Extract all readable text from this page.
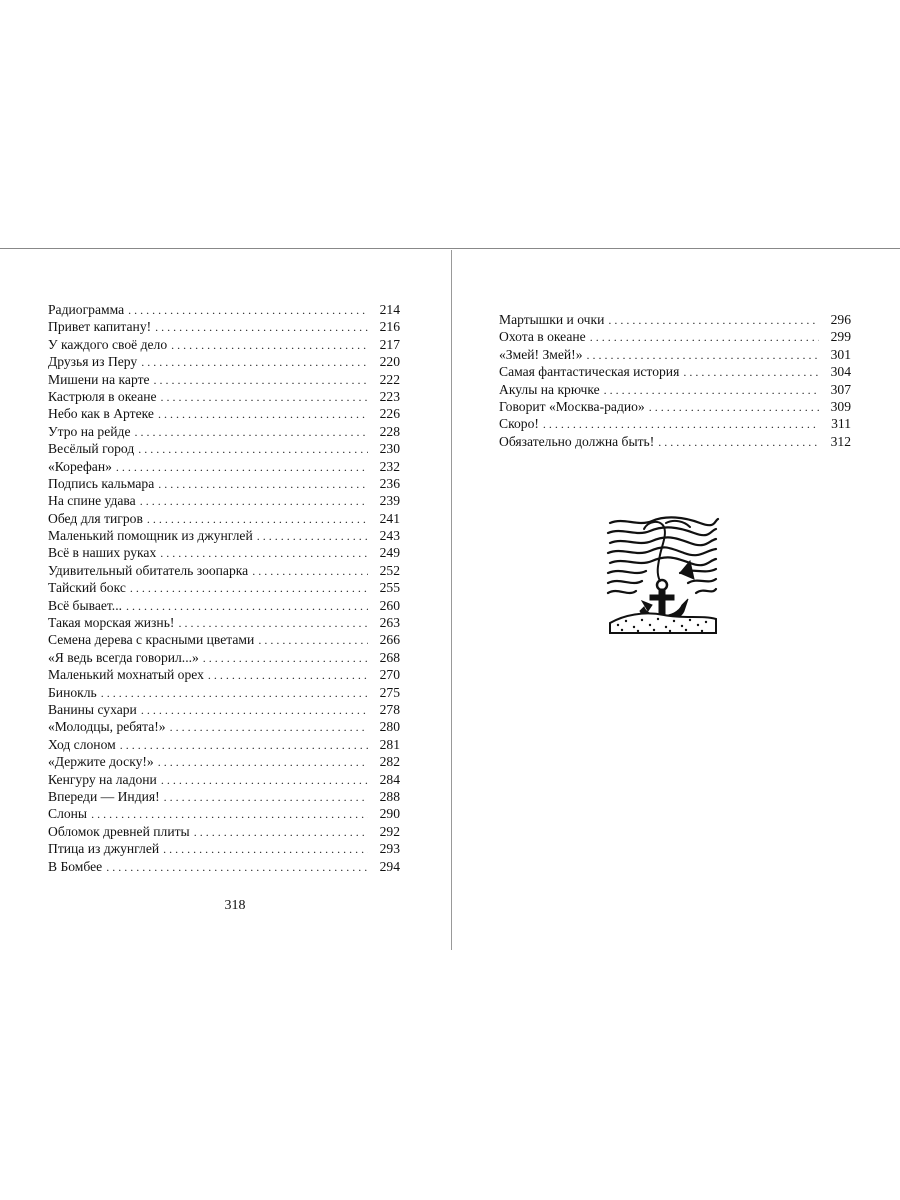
Радиограмма . . .	214
Привет капитану! . . .	216
У каждого своё дело . . .	217
Друзья из Перу . . .	220
Мишени на карте . . .	222
Кастрюля в океане . . .	223
Небо как в Артеке . . .	226
Утро на рейде . . .	228
Весёлый город . . .	230
«Корефан» . . .	232
Подпись кальмара . . .	236
На спине удава . . .	239
Обед для тигров . . .	241
Маленький помощник из джунглей . . .	243
Всё в наших руках . . .	249
Удивительный обитатель зоопарка . . .	252
Тайский бокс . . .	255
Всё бывает... . . .	260
Такая морская жизнь! . . .	263
Семена дерева с красными цветами . . .	266
«Я ведь всегда говорил...» . . .	268
Маленький мохнатый орех . . .	270
Бинокль . . .	275
Ванины сухари . . .	278
«Молодцы, ребята!» . . .	280
Ход слоном . . .	281
«Держите доску!» . . .	282
Кенгуру на ладони . . .	284
Впереди — Индия! . . .	288
Слоны . . .	290
Обломок древней плиты . . .	292
Птица из джунглей . . .	293
В Бомбее . . .	294
Мартышки и очки . . .	296
Охота в океане . . .	299
«Змей! Змей!» . . .	301
Самая фантастическая история . . .	304
Акулы на крючке . . .	307
Говорит «Москва-радио» . . .	309
Скоро! . . .	311
Обязательно должна быть! . . .	312
318
